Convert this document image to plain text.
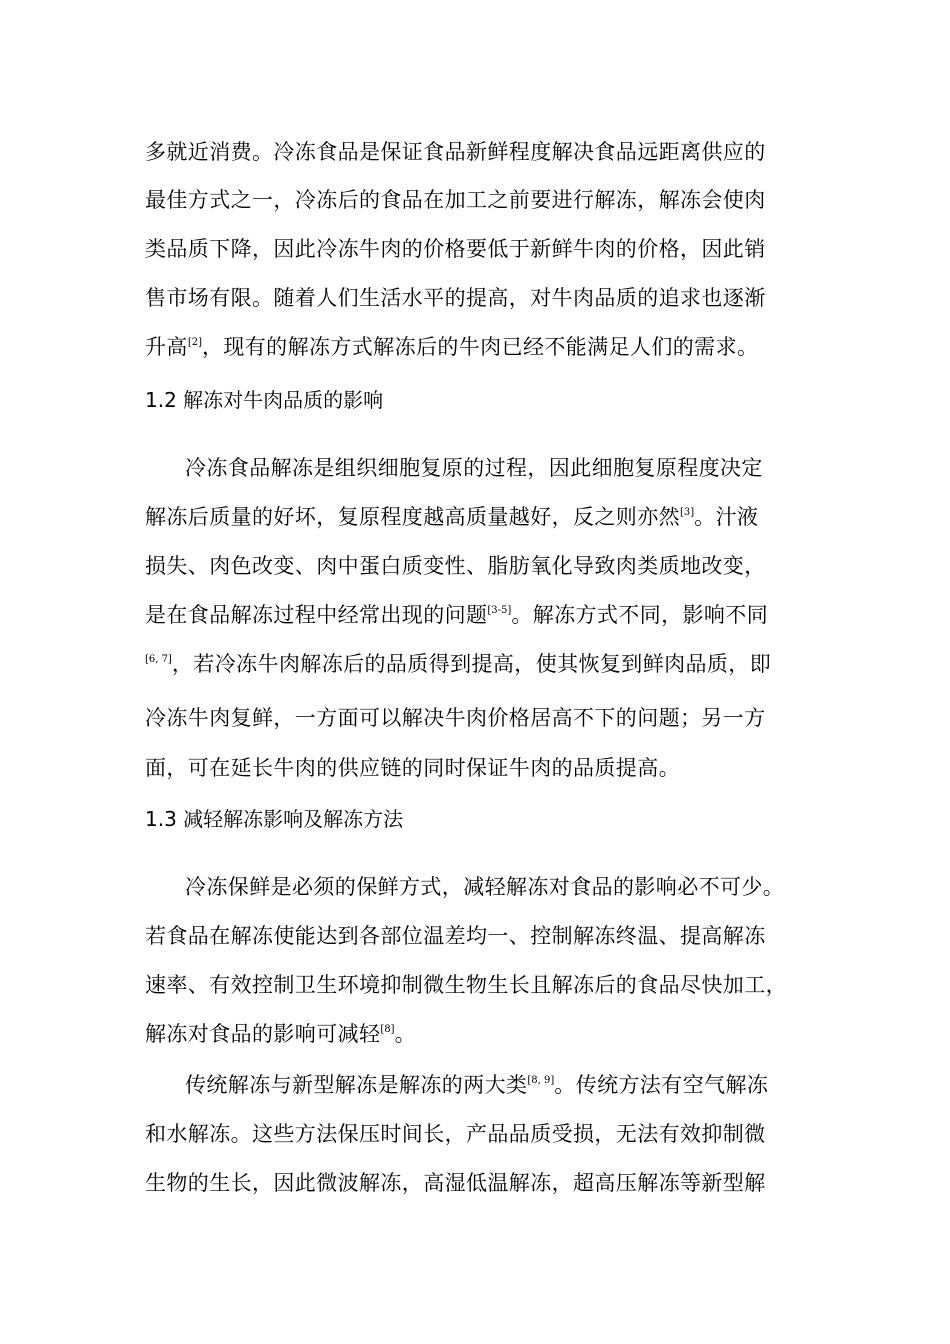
多就近消费。冷冻食品是保证食品新鲜程度解决食品远距离供应的
最佳方式之一，冷冻后的食品在加工之前要进行解冻，解冻会使肉
类品质下降，因此冷冻牛肉的价格要低于新鲜牛肉的价格，因此销
售市场有限。随着人们生活水平的提高，对牛肉品质的追求也逐渐
升高[2]，现有的解冻方式解冻后的牛肉已经不能满足人们的需求。
1.2 解冻对牛肉品质的影响
冷冻食品解冻是组织细胞复原的过程，因此细胞复原程度决定
解冻后质量的好坏，复原程度越高质量越好，反之则亦然[3]。汁液
损失、肉色改变、肉中蛋白质变性、脂肪氧化导致肉类质地改变，
是在食品解冻过程中经常出现的问题[3-5]。解冻方式不同，影响不同
[6, 7]，若冷冻牛肉解冻后的品质得到提高，使其恢复到鲜肉品质，即
冷冻牛肉复鲜，一方面可以解决牛肉价格居高不下的问题；另一方
面，可在延长牛肉的供应链的同时保证牛肉的品质提高。
1.3 减轻解冻影响及解冻方法
冷冻保鲜是必须的保鲜方式，减轻解冻对食品的影响必不可少。
若食品在解冻使能达到各部位温差均一、控制解冻终温、提高解冻
速率、有效控制卫生环境抑制微生物生长且解冻后的食品尽快加工，
解冻对食品的影响可减轻[8]。
传统解冻与新型解冻是解冻的两大类[8, 9]。传统方法有空气解冻
和水解冻。这些方法保压时间长，产品品质受损，无法有效抑制微
生物的生长，因此微波解冻，高湿低温解冻，超高压解冻等新型解
